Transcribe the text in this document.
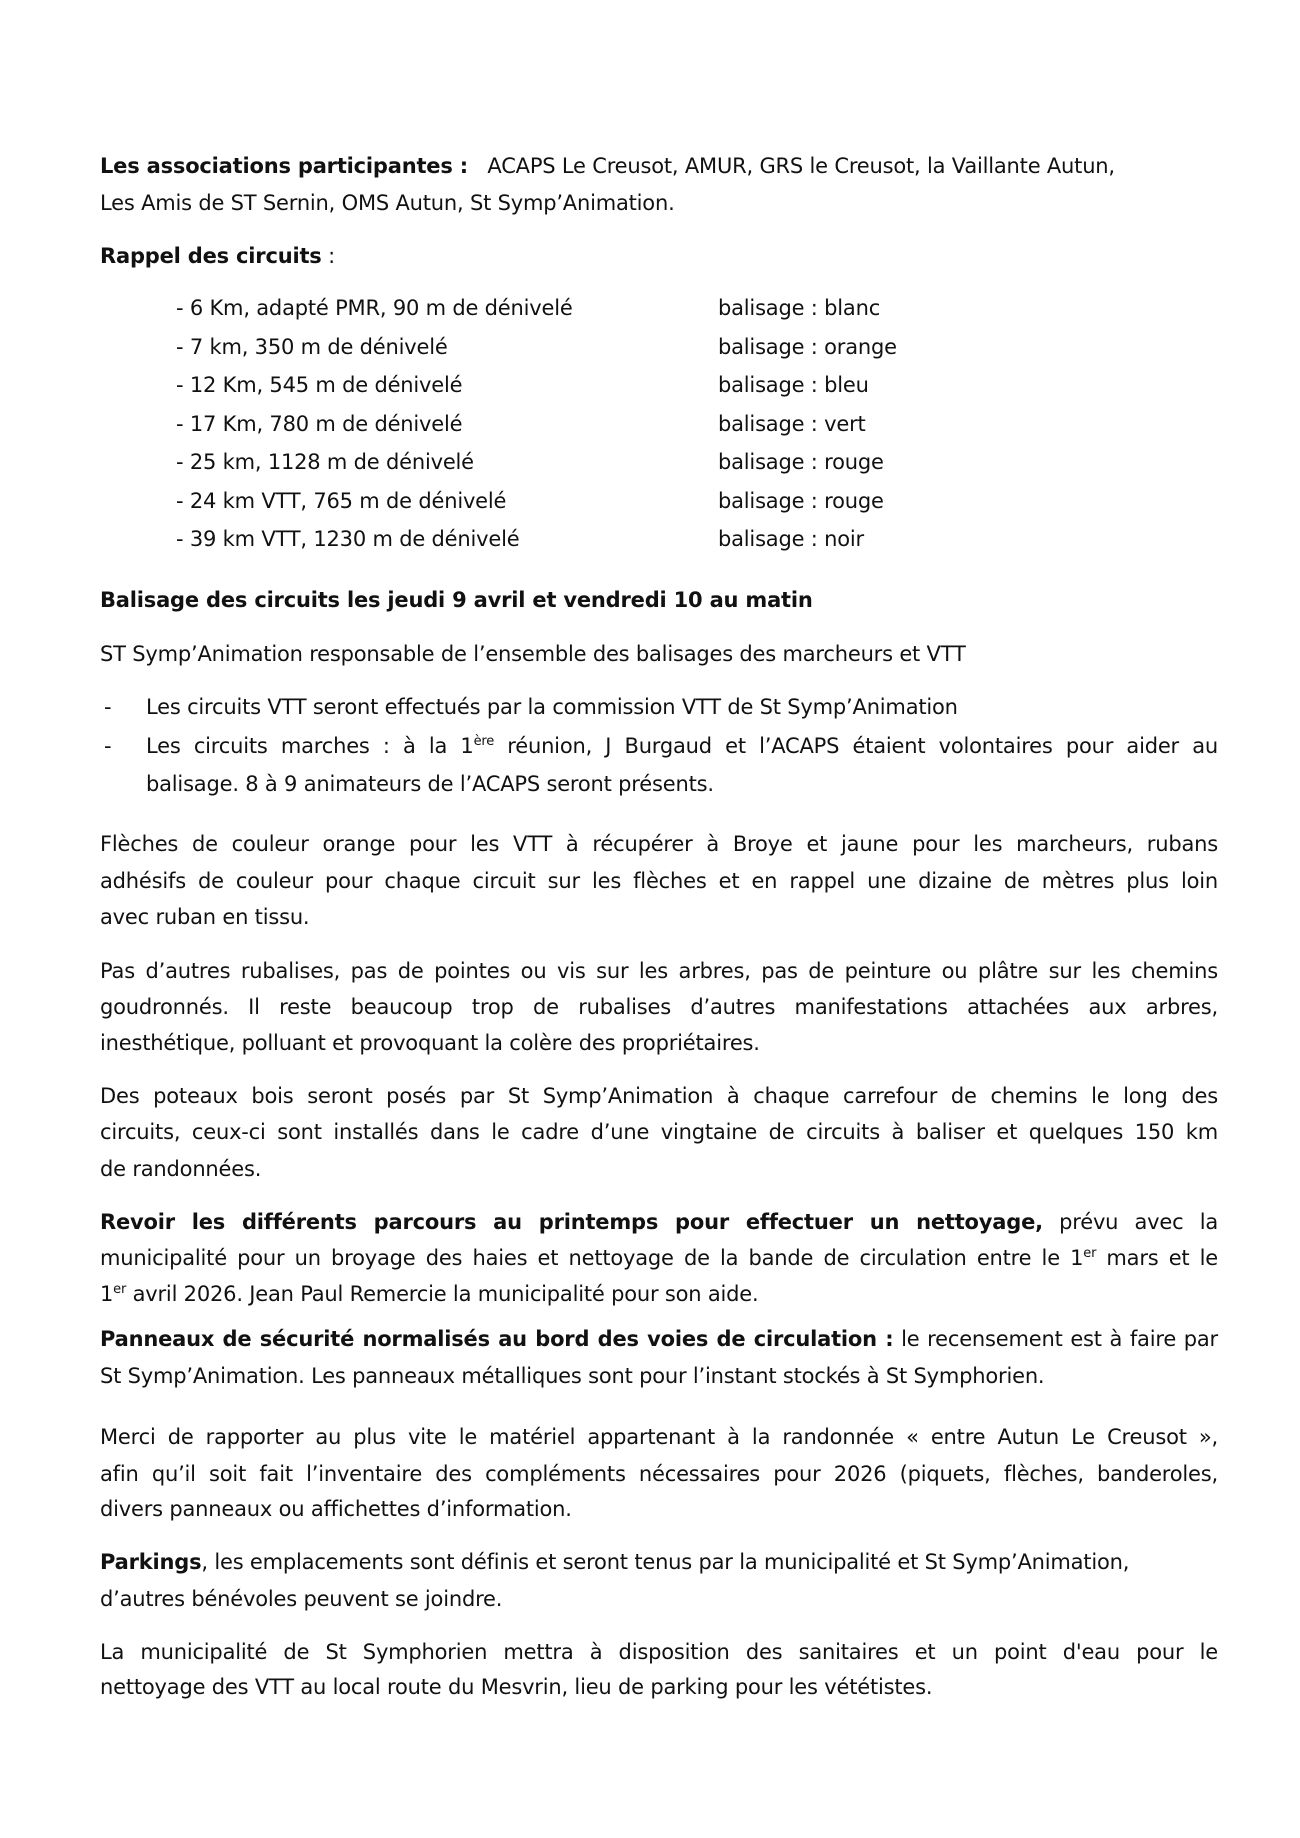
Les associations participantes : ACAPS Le Creusot, AMUR, GRS le Creusot, la Vaillante Autun,
Les Amis de ST Sernin, OMS Autun, St Symp’Animation.
Rappel des circuits :
- 6 Km, adapté PMR, 90 m de dénivelé	balisage : blanc
- 7 km, 350 m de dénivelé	balisage : orange
- 12 Km, 545 m de dénivelé	balisage : bleu
- 17 Km, 780 m de dénivelé	balisage : vert
- 25 km, 1128 m de dénivelé	balisage : rouge
- 24 km VTT, 765 m de dénivelé	balisage : rouge
- 39 km VTT, 1230 m de dénivelé	balisage : noir
Balisage des circuits les jeudi 9 avril et vendredi 10 au matin
ST Symp’Animation responsable de l’ensemble des balisages des marcheurs et VTT
- Les circuits VTT seront effectués par la commission VTT de St Symp’Animation
- Les circuits marches : à la 1ère réunion, J Burgaud et l’ACAPS étaient volontaires pour aider au
balisage. 8 à 9 animateurs de l’ACAPS seront présents.
Flèches de couleur orange pour les VTT à récupérer à Broye et jaune pour les marcheurs, rubans
adhésifs de couleur pour chaque circuit sur les flèches et en rappel une dizaine de mètres plus loin
avec ruban en tissu.
Pas d’autres rubalises, pas de pointes ou vis sur les arbres, pas de peinture ou plâtre sur les chemins
goudronnés. Il reste beaucoup trop de rubalises d’autres manifestations attachées aux arbres,
inesthétique, polluant et provoquant la colère des propriétaires.
Des poteaux bois seront posés par St Symp’Animation à chaque carrefour de chemins le long des
circuits, ceux-ci sont installés dans le cadre d’une vingtaine de circuits à baliser et quelques 150 km
de randonnées.
Revoir les différents parcours au printemps pour effectuer un nettoyage, prévu avec la
municipalité pour un broyage des haies et nettoyage de la bande de circulation entre le 1er mars et le
1er avril 2026. Jean Paul Remercie la municipalité pour son aide.
Panneaux de sécurité normalisés au bord des voies de circulation : le recensement est à faire par
St Symp’Animation. Les panneaux métalliques sont pour l’instant stockés à St Symphorien.
Merci de rapporter au plus vite le matériel appartenant à la randonnée « entre Autun Le Creusot »,
afin qu’il soit fait l’inventaire des compléments nécessaires pour 2026 (piquets, flèches, banderoles,
divers panneaux ou affichettes d’information.
Parkings, les emplacements sont définis et seront tenus par la municipalité et St Symp’Animation,
d’autres bénévoles peuvent se joindre.
La municipalité de St Symphorien mettra à disposition des sanitaires et un point d'eau pour le
nettoyage des VTT au local route du Mesvrin, lieu de parking pour les vététistes.
